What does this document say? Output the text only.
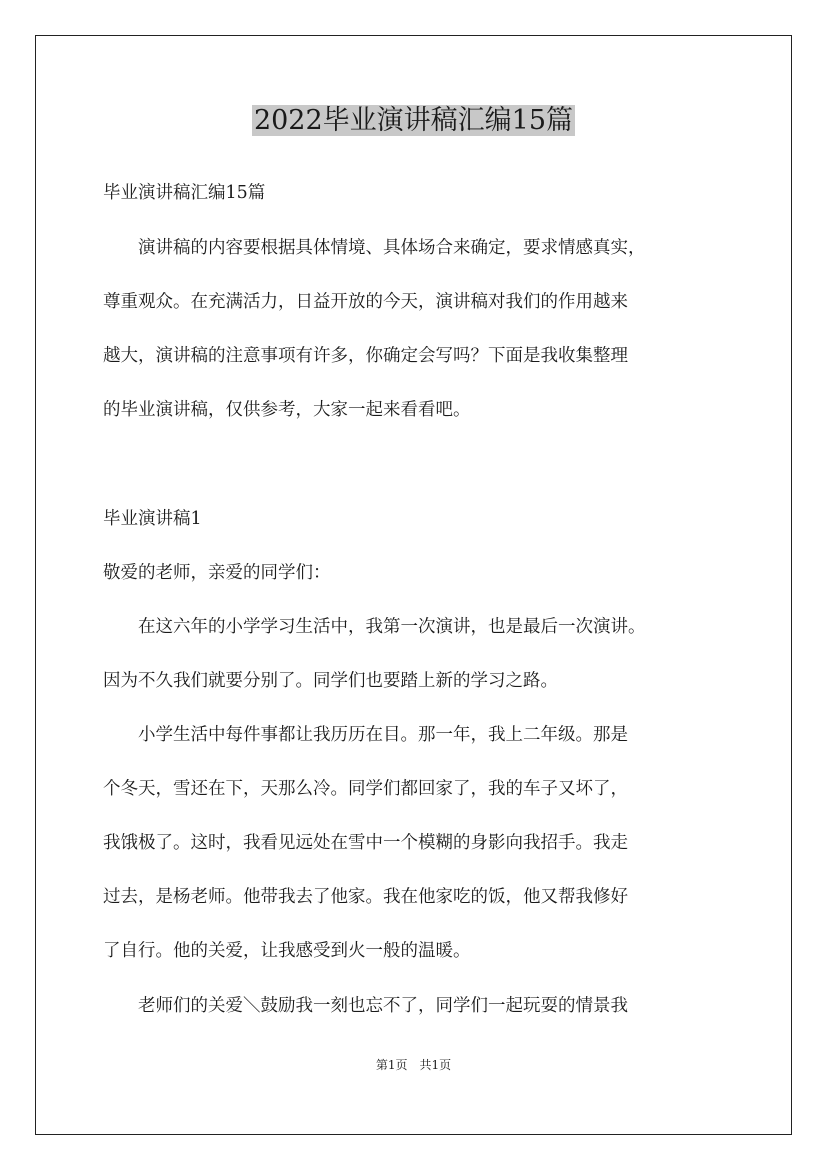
2022毕业演讲稿汇编15篇

毕业演讲稿汇编15篇

　　演讲稿的内容要根据具体情境、具体场合来确定，要求情感真实，

尊重观众。在充满活力，日益开放的今天，演讲稿对我们的作用越来

越大，演讲稿的注意事项有许多，你确定会写吗？下面是我收集整理

的毕业演讲稿，仅供参考，大家一起来看看吧。

毕业演讲稿1

敬爱的老师，亲爱的同学们：

　　在这六年的小学学习生活中，我第一次演讲，也是最后一次演讲。

因为不久我们就要分别了。同学们也要踏上新的学习之路。

　　小学生活中每件事都让我历历在目。那一年，我上二年级。那是

个冬天，雪还在下，天那么冷。同学们都回家了，我的车子又坏了，

我饿极了。这时，我看见远处在雪中一个模糊的身影向我招手。我走

过去，是杨老师。他带我去了他家。我在他家吃的饭，他又帮我修好

了自行。他的关爱，让我感受到火一般的温暖。

　　老师们的关爱＼鼓励我一刻也忘不了，同学们一起玩耍的情景我

第1页　共1页
